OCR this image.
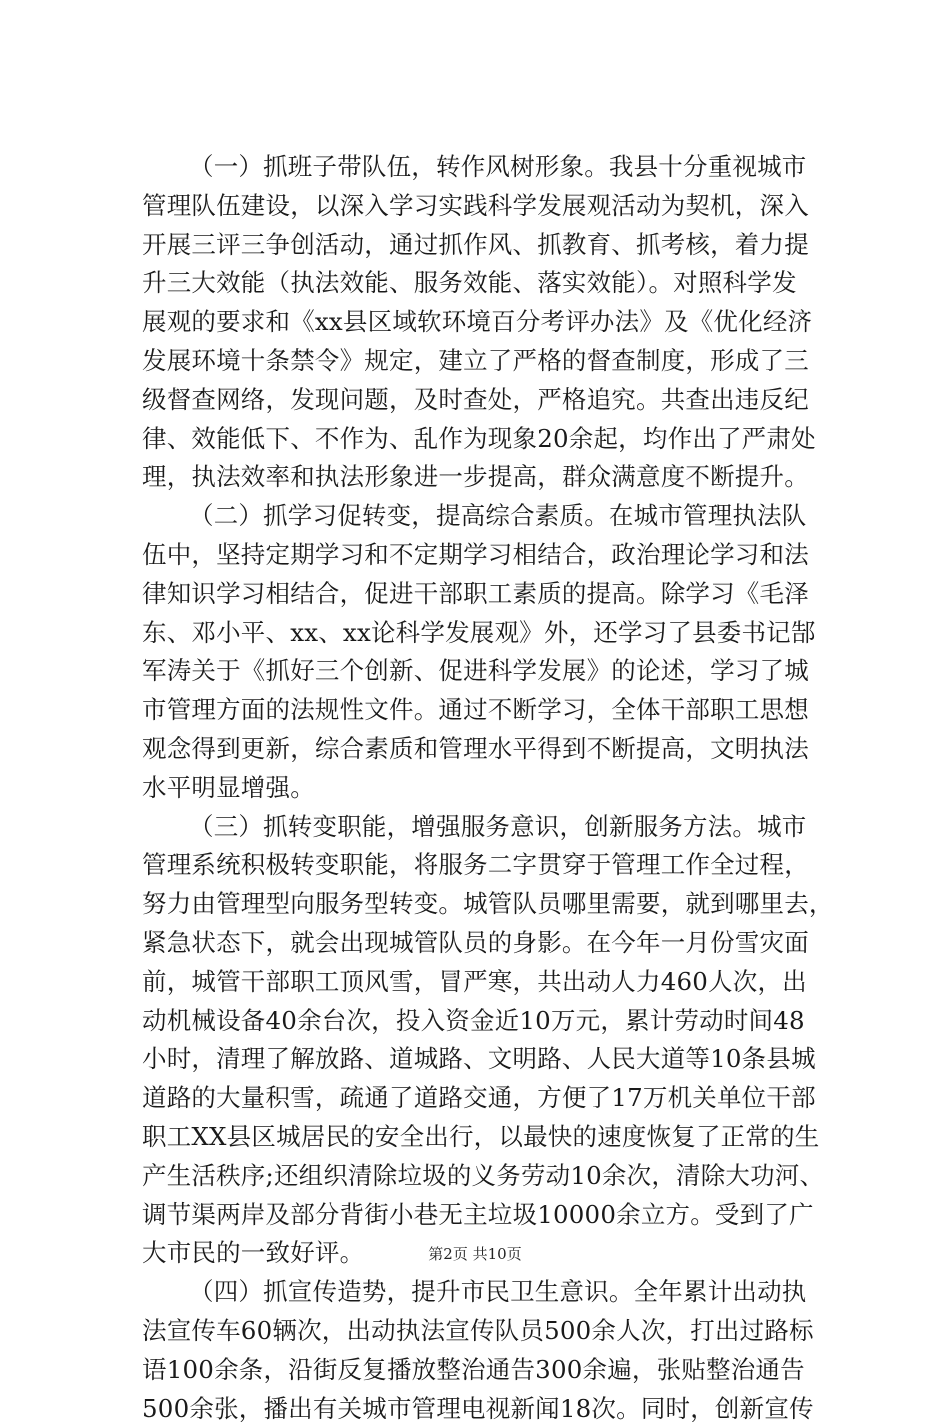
（一）抓班子带队伍，转作风树形象。我县十分重视城市
管理队伍建设，以深入学习实践科学发展观活动为契机，深入
开展三评三争创活动，通过抓作风、抓教育、抓考核，着力提
升三大效能（执法效能、服务效能、落实效能）。对照科学发
展观的要求和《xx县区域软环境百分考评办法》及《优化经济
发展环境十条禁令》规定，建立了严格的督查制度，形成了三
级督查网络，发现问题，及时查处，严格追究。共查出违反纪
律、效能低下、不作为、乱作为现象20余起，均作出了严肃处
理，执法效率和执法形象进一步提高，群众满意度不断提升。
（二）抓学习促转变，提高综合素质。在城市管理执法队
伍中，坚持定期学习和不定期学习相结合，政治理论学习和法
律知识学习相结合，促进干部职工素质的提高。除学习《毛泽
东、邓小平、xx、xx论科学发展观》外，还学习了县委书记郜
军涛关于《抓好三个创新、促进科学发展》的论述，学习了城
市管理方面的法规性文件。通过不断学习，全体干部职工思想
观念得到更新，综合素质和管理水平得到不断提高，文明执法
水平明显增强。
（三）抓转变职能，增强服务意识，创新服务方法。城市
管理系统积极转变职能，将服务二字贯穿于管理工作全过程，
努力由管理型向服务型转变。城管队员哪里需要，就到哪里去，
紧急状态下，就会出现城管队员的身影。在今年一月份雪灾面
前，城管干部职工顶风雪，冒严寒，共出动人力460人次，出
动机械设备40余台次，投入资金近10万元，累计劳动时间48
小时，清理了解放路、道城路、文明路、人民大道等10条县城
道路的大量积雪，疏通了道路交通，方便了17万机关单位干部
职工XX县区城居民的安全出行，以最快的速度恢复了正常的生
产生活秩序;还组织清除垃圾的义务劳动10余次，清除大功河、
调节渠两岸及部分背街小巷无主垃圾10000余立方。受到了广
大市民的一致好评。
（四）抓宣传造势，提升市民卫生意识。全年累计出动执
法宣传车60辆次，出动执法宣传队员500余人次，打出过路标
语100余条，沿街反复播放整治通告300余遍，张贴整治通告
500余张，播出有关城市管理电视新闻18次。同时，创新宣传
第2页 共10页
